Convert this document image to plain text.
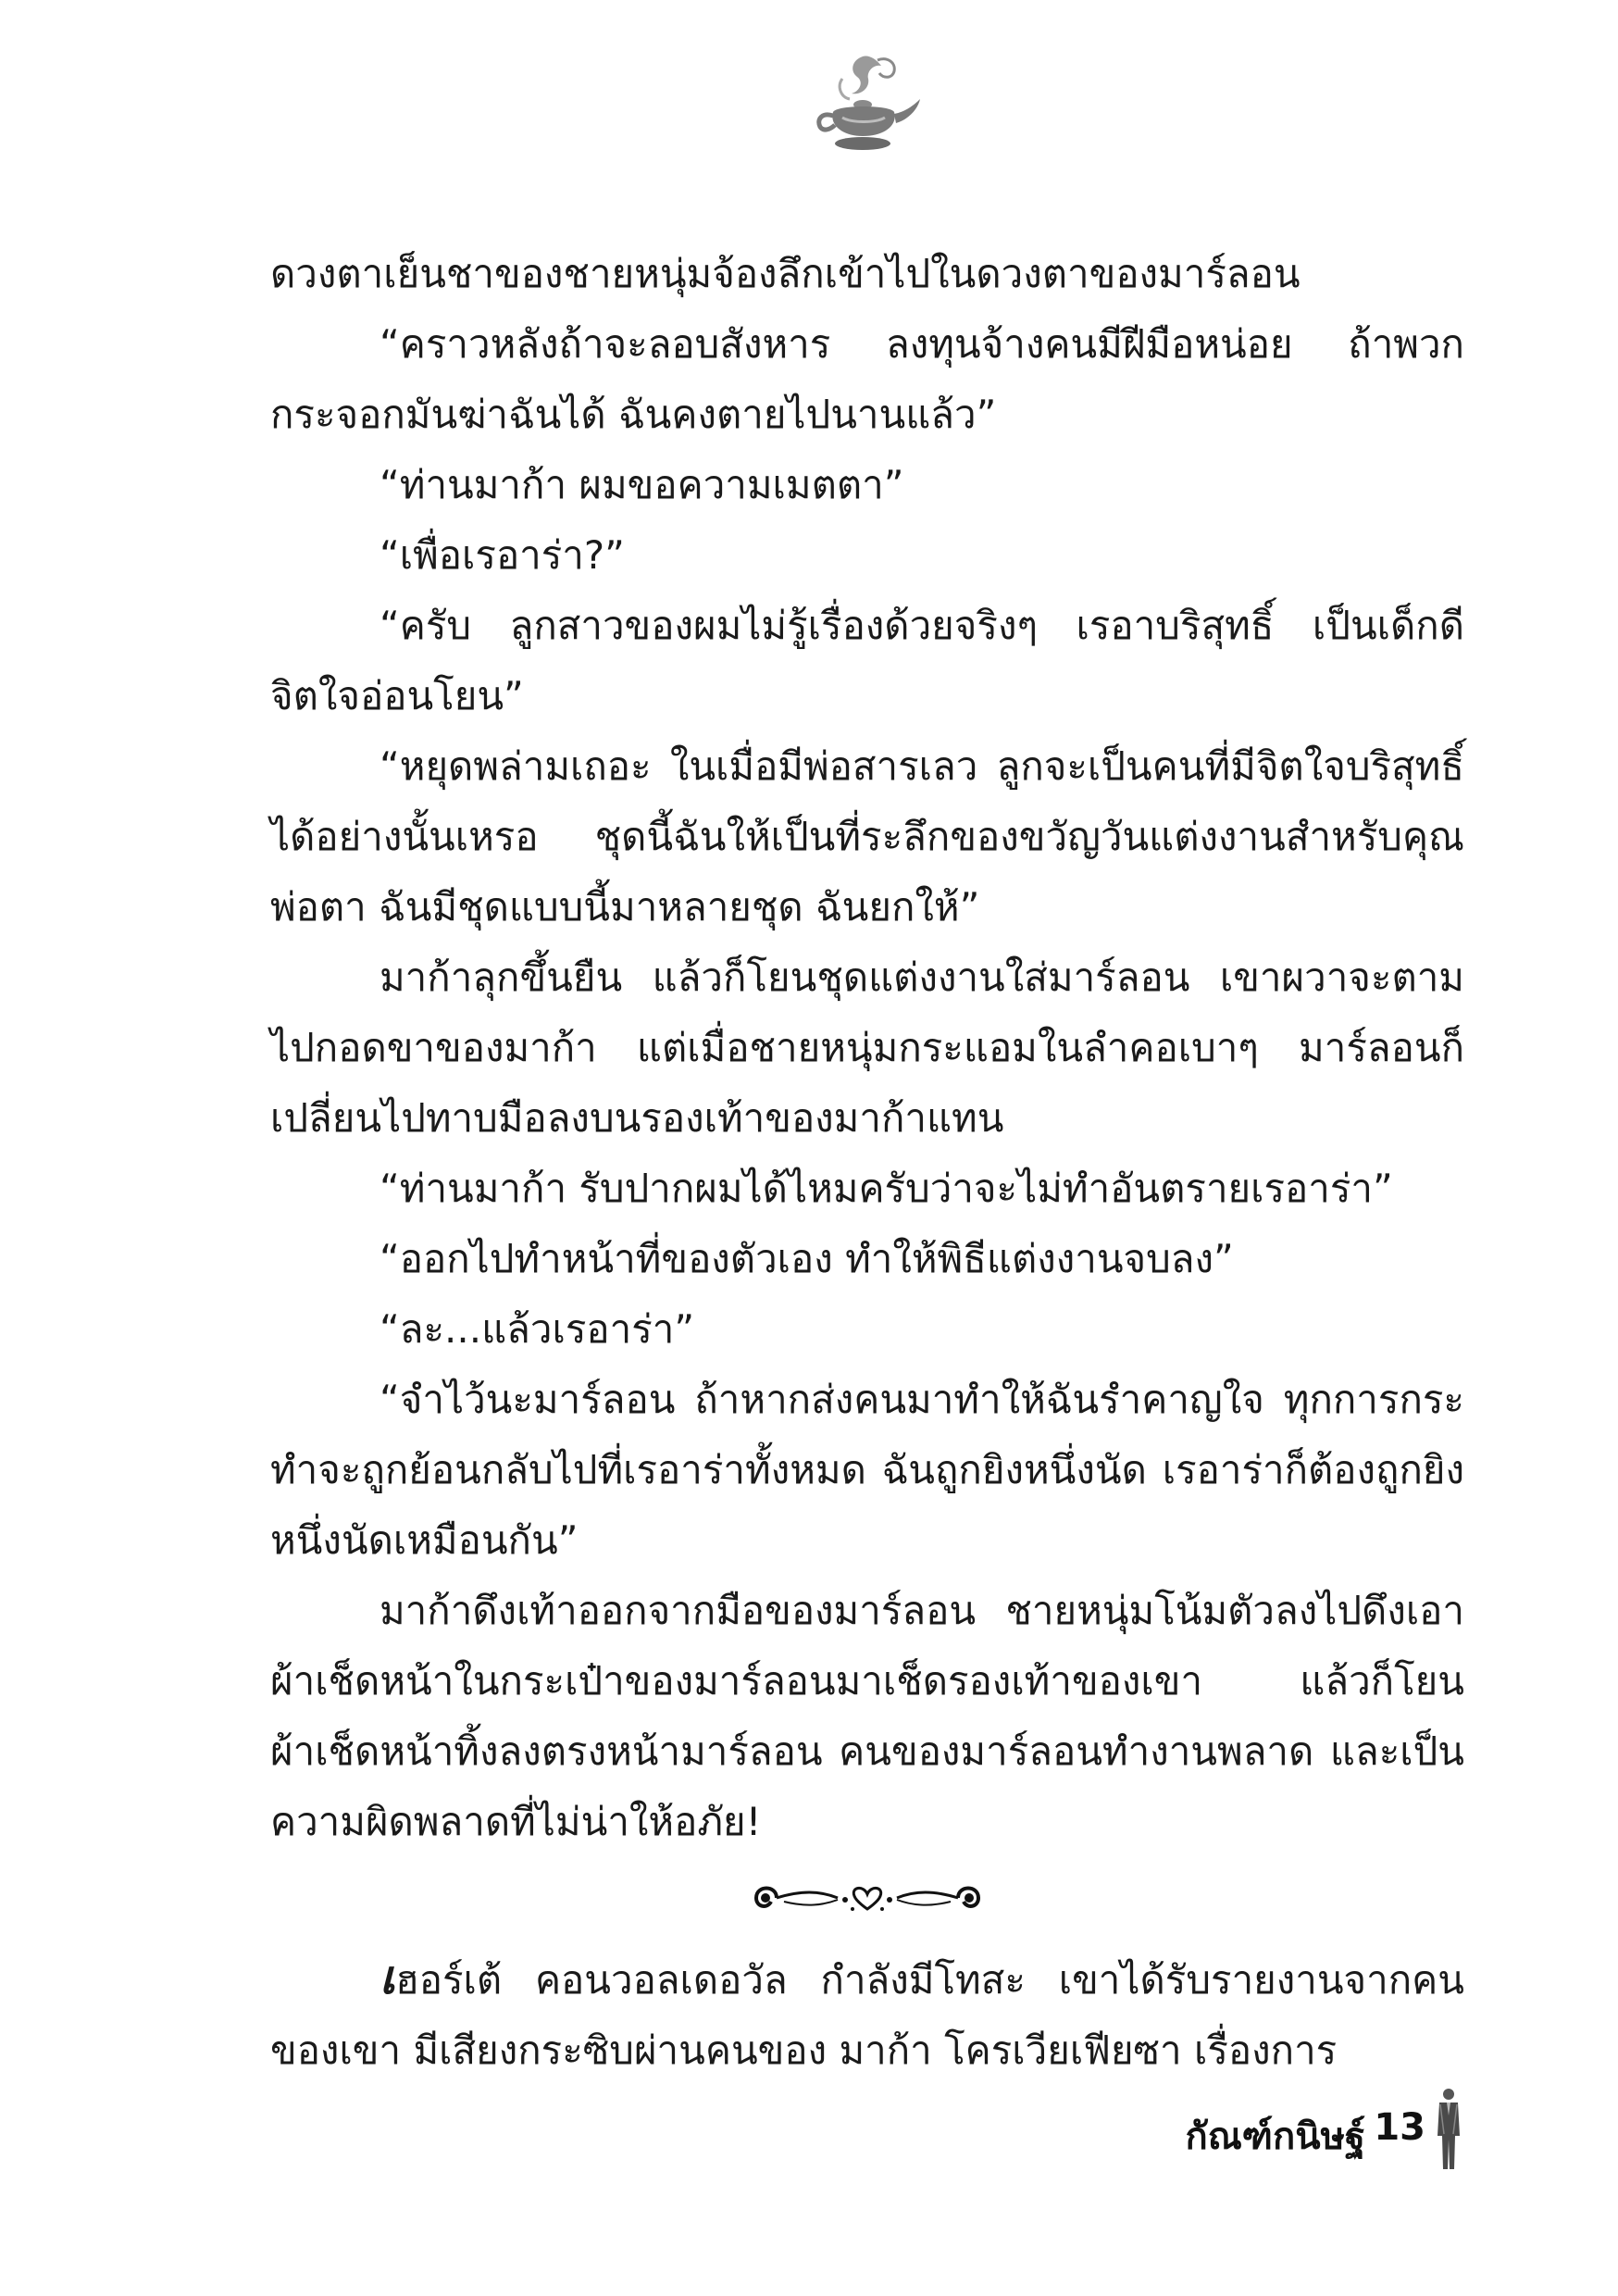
ดวงตาเย็นชาของชายหนุ่มจ้องลึกเข้าไปในดวงตาของมาร์ลอน

“คราวหลังถ้าจะลอบสังหาร ลงทุนจ้างคนมีฝีมือหน่อย ถ้าพวกกระจอกมันฆ่าฉันได้ ฉันคงตายไปนานแล้ว”

“ท่านมาก้า ผมขอความเมตตา”

“เพื่อเรอาร่า?”

“ครับ ลูกสาวของผมไม่รู้เรื่องด้วยจริงๆ เรอาบริสุทธิ์ เป็นเด็กดีจิตใจอ่อนโยน”

“หยุดพล่ามเถอะ ในเมื่อมีพ่อสารเลว ลูกจะเป็นคนที่มีจิตใจบริสุทธิ์ได้อย่างนั้นเหรอ ชุดนี้ฉันให้เป็นที่ระลึกของขวัญวันแต่งงานสำหรับคุณพ่อตา ฉันมีชุดแบบนี้มาหลายชุด ฉันยกให้”

มาก้าลุกขึ้นยืน แล้วก็โยนชุดแต่งงานใส่มาร์ลอน เขาผวาจะตามไปกอดขาของมาก้า แต่เมื่อชายหนุ่มกระแอมในลำคอเบาๆ มาร์ลอนก็เปลี่ยนไปทาบมือลงบนรองเท้าของมาก้าแทน

“ท่านมาก้า รับปากผมได้ไหมครับว่าจะไม่ทำอันตรายเรอาร่า”

“ออกไปทำหน้าที่ของตัวเอง ทำให้พิธีแต่งงานจบลง”

“ละ...แล้วเรอาร่า”

“จำไว้นะมาร์ลอน ถ้าหากส่งคนมาทำให้ฉันรำคาญใจ ทุกการกระทำจะถูกย้อนกลับไปที่เรอาร่าทั้งหมด ฉันถูกยิงหนึ่งนัด เรอาร่าก็ต้องถูกยิงหนึ่งนัดเหมือนกัน”

มาก้าดึงเท้าออกจากมือของมาร์ลอน ชายหนุ่มโน้มตัวลงไปดึงเอาผ้าเช็ดหน้าในกระเป๋าของมาร์ลอนมาเช็ดรองเท้าของเขา แล้วก็โยนผ้าเช็ดหน้าทิ้งลงตรงหน้ามาร์ลอน คนของมาร์ลอนทำงานพลาด และเป็นความผิดพลาดที่ไม่น่าให้อภัย!

เฮอร์เต้ คอนวอลเดอวัล กำลังมีโทสะ เขาได้รับรายงานจากคนของเขา มีเสียงกระซิบผ่านคนของ มาก้า โครเวียเฟียซา เรื่องการ

กัณฑ์กนิษฐ์ 13
